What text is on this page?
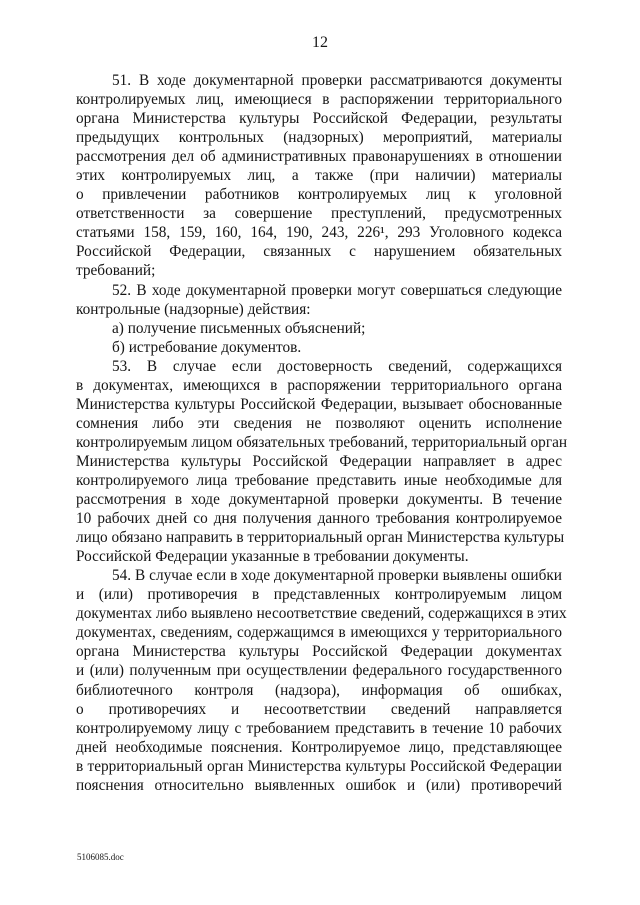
12
51. В ходе документарной проверки рассматриваются документы
контролируемых лиц, имеющиеся в распоряжении территориального
органа Министерства культуры Российской Федерации, результаты
предыдущих контрольных (надзорных) мероприятий, материалы
рассмотрения дел об административных правонарушениях в отношении
этих контролируемых лиц, а также (при наличии) материалы
о привлечении работников контролируемых лиц к уголовной
ответственности за совершение преступлений, предусмотренных
статьями 158, 159, 160, 164, 190, 243, 226¹, 293 Уголовного кодекса
Российской Федерации, связанных с нарушением обязательных
требований;
52. В ходе документарной проверки могут совершаться следующие
контрольные (надзорные) действия:
а) получение письменных объяснений;
б) истребование документов.
53. В случае если достоверность сведений, содержащихся
в документах, имеющихся в распоряжении территориального органа
Министерства культуры Российской Федерации, вызывает обоснованные
сомнения либо эти сведения не позволяют оценить исполнение
контролируемым лицом обязательных требований, территориальный орган
Министерства культуры Российской Федерации направляет в адрес
контролируемого лица требование представить иные необходимые для
рассмотрения в ходе документарной проверки документы. В течение
10 рабочих дней со дня получения данного требования контролируемое
лицо обязано направить в территориальный орган Министерства культуры
Российской Федерации указанные в требовании документы.
54. В случае если в ходе документарной проверки выявлены ошибки
и (или) противоречия в представленных контролируемым лицом
документах либо выявлено несоответствие сведений, содержащихся в этих
документах, сведениям, содержащимся в имеющихся у территориального
органа Министерства культуры Российской Федерации документах
и (или) полученным при осуществлении федерального государственного
библиотечного контроля (надзора), информация об ошибках,
о противоречиях и несоответствии сведений направляется
контролируемому лицу с требованием представить в течение 10 рабочих
дней необходимые пояснения. Контролируемое лицо, представляющее
в территориальный орган Министерства культуры Российской Федерации
пояснения относительно выявленных ошибок и (или) противоречий
5106085.doc
